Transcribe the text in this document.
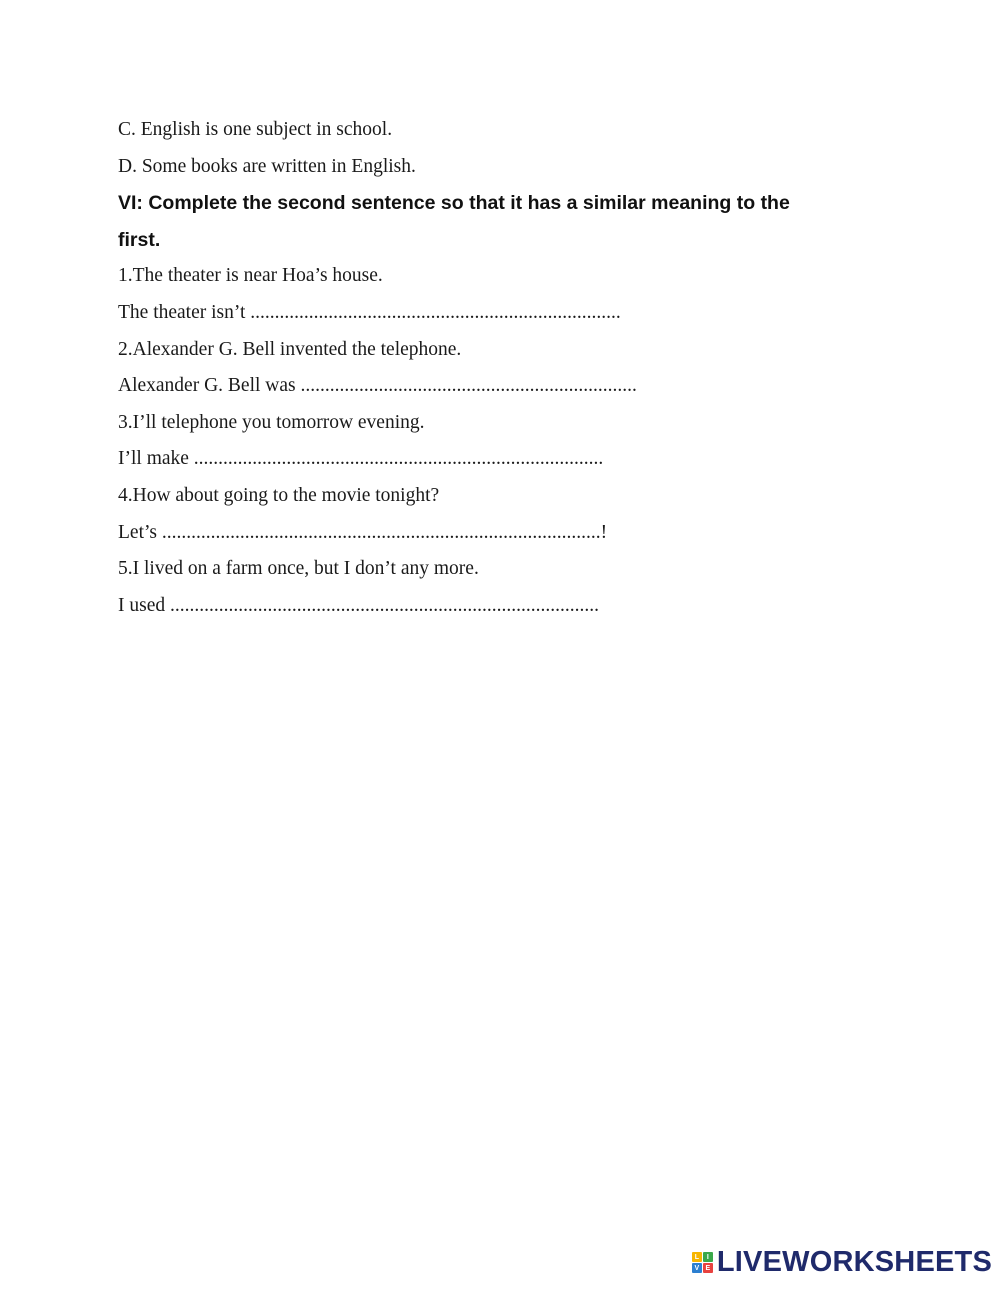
C. English is one subject in school.
D. Some books are written in English.
VI: Complete the second sentence so that it has a similar meaning to the
first.
1.The theater is near Hoa’s house.
The theater isn’t ............................................................................
2.Alexander G. Bell invented the telephone.
Alexander G. Bell was .....................................................................
3.I’ll telephone you tomorrow evening.
I’ll make ....................................................................................
4.How about going to the movie tonight?
Let’s ..........................................................................................!
5.I lived on a farm once, but I don’t any more.
I used ........................................................................................
L	I
V E LIVEWORKSHEETS
